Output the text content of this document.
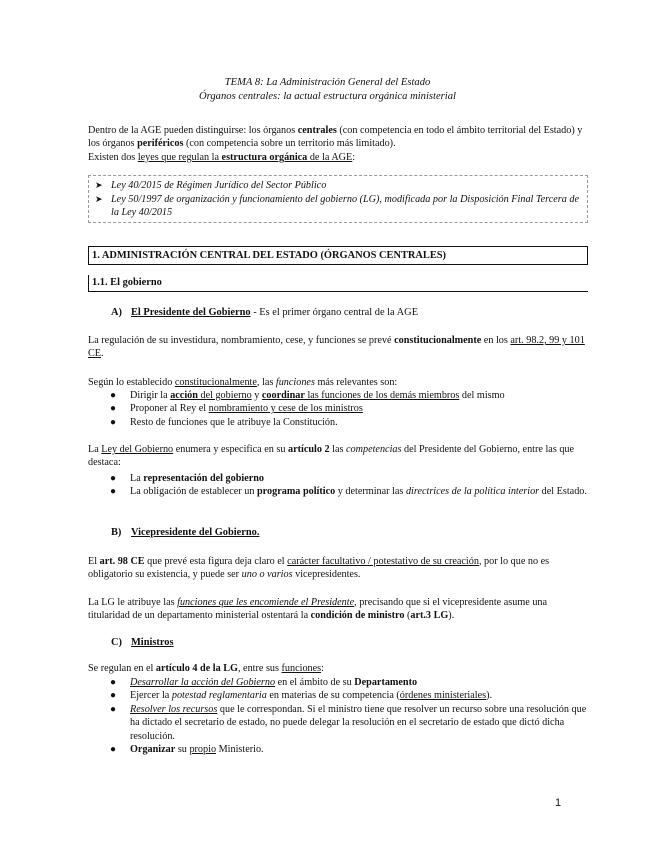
TEMA 8: La Administración General del Estado
Órganos centrales: la actual estructura orgánica ministerial
Dentro de la AGE pueden distinguirse: los órganos centrales (con competencia en todo el ámbito territorial del Estado) y los órganos periféricos (con competencia sobre un territorio más limitado).
Existen dos leyes que regulan la estructura orgánica de la AGE:
➤ Ley 40/2015 de Régimen Jurídico del Sector Público
➤ Ley 50/1997 de organización y funcionamiento del gobierno (LG), modificada por la Disposición Final Tercera de la Ley 40/2015
1. ADMINISTRACIÓN CENTRAL DEL ESTADO (ÓRGANOS CENTRALES)
1.1. El gobierno
A) El Presidente del Gobierno - Es el primer órgano central de la AGE
La regulación de su investidura, nombramiento, cese, y funciones se prevé constitucionalmente en los art. 98.2, 99 y 101 CE.
Según lo establecido constitucionalmente, las funciones más relevantes son:
●	Dirigir la acción del gobierno y coordinar las funciones de los demás miembros del mismo
●	Proponer al Rey el nombramiento y cese de los ministros
●	Resto de funciones que le atribuye la Constitución.
La Ley del Gobierno enumera y especifica en su artículo 2 las competencias del Presidente del Gobierno, entre las que destaca:
●	La representación del gobierno
●	La obligación de establecer un programa político y determinar las directrices de la política interior del Estado.
B) Vicepresidente del Gobierno.
El art. 98 CE que prevé esta figura deja claro el carácter facultativo / potestativo de su creación, por lo que no es obligatorio su existencia, y puede ser uno o varios vicepresidentes.
La LG le atribuye las funciones que les encomiende el Presidente, precisando que si el vicepresidente asume una titularidad de un departamento ministerial ostentará la condición de ministro (art.3 LG).
C) Ministros
Se regulan en el artículo 4 de la LG, entre sus funciones:
●	Desarrollar la acción del Gobierno en el ámbito de su Departamento
●	Ejercer la potestad reglamentaria en materias de su competencia (órdenes ministeriales).
●	Resolver los recursos que le correspondan. Si el ministro tiene que resolver un recurso sobre una resolución que ha dictado el secretario de estado, no puede delegar la resolución en el secretario de estado que dictó dicha resolución.
●	Organizar su propio Ministerio.
1
